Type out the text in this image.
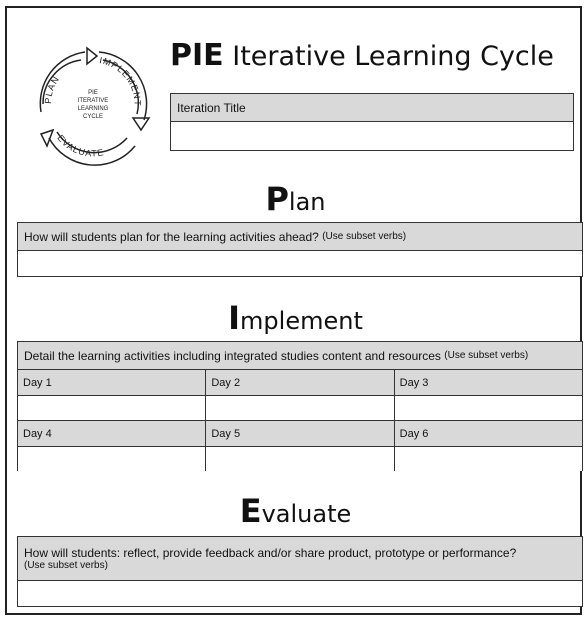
PLAN
IMPLEMENT
EVALUATE
PIE
ITERATIVE
LEARNING
CYCLE
PIE Iterative Learning Cycle
Iteration Title
Plan
How will students plan for the learning activities ahead?
(Use subset verbs)
Implement
Detail the learning activities including integrated studies content and resources
(Use subset verbs)
Day 1	Day 2	Day 3
Day 4	Day 5	Day 6
Evaluate
How will students: reflect, provide feedback and/or share product, prototype or performance?
(Use subset verbs)
